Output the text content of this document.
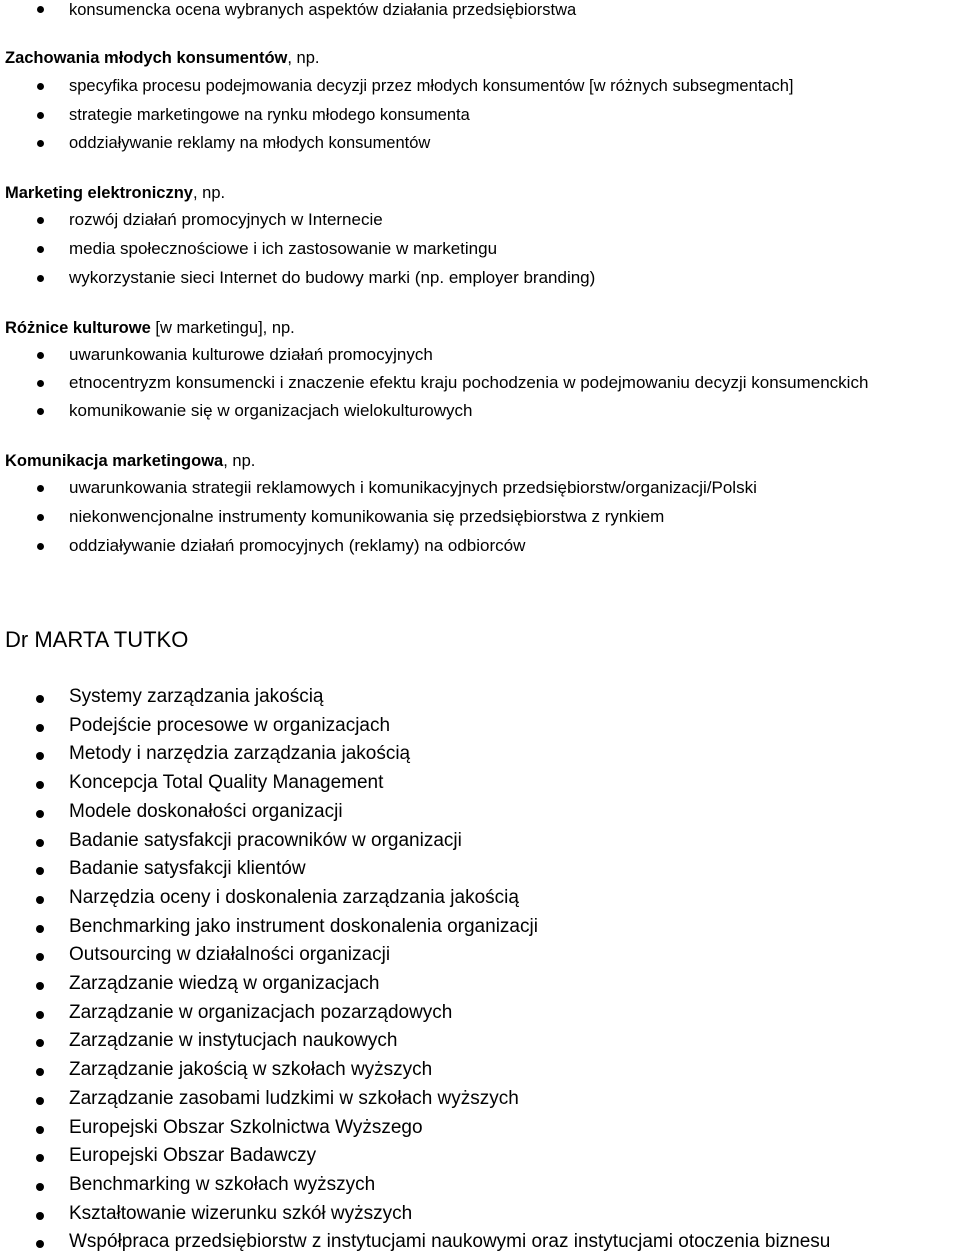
konsumencka ocena wybranych aspektów działania przedsiębiorstwa
Zachowania młodych konsumentów, np.
specyfika procesu podejmowania decyzji przez młodych konsumentów [w różnych subsegmentach]
strategie marketingowe na rynku młodego konsumenta
oddziaływanie reklamy na młodych konsumentów
Marketing elektroniczny, np.
rozwój działań promocyjnych w Internecie
media społecznościowe i ich zastosowanie w marketingu
wykorzystanie sieci Internet do budowy marki (np. employer branding)
Różnice kulturowe [w marketingu], np.
uwarunkowania kulturowe działań promocyjnych
etnocentryzm konsumencki i znaczenie efektu kraju pochodzenia w podejmowaniu decyzji konsumenckich
komunikowanie się w organizacjach wielokulturowych
Komunikacja marketingowa, np.
uwarunkowania strategii reklamowych i komunikacyjnych przedsiębiorstw/organizacji/Polski
niekonwencjonalne instrumenty komunikowania się przedsiębiorstwa z rynkiem
oddziaływanie działań promocyjnych (reklamy) na odbiorców
Dr MARTA TUTKO
Systemy zarządzania jakością
Podejście procesowe w organizacjach
Metody i narzędzia zarządzania jakością
Koncepcja Total Quality Management
Modele doskonałości organizacji
Badanie satysfakcji pracowników w organizacji
Badanie satysfakcji klientów
Narzędzia oceny i doskonalenia zarządzania jakością
Benchmarking jako instrument doskonalenia organizacji
Outsourcing w działalności organizacji
Zarządzanie wiedzą w organizacjach
Zarządzanie w organizacjach pozarządowych
Zarządzanie w instytucjach naukowych
Zarządzanie jakością w szkołach wyższych
Zarządzanie zasobami ludzkimi w szkołach wyższych
Europejski Obszar Szkolnictwa Wyższego
Europejski Obszar Badawczy
Benchmarking w szkołach wyższych
Kształtowanie wizerunku szkół wyższych
Współpraca przedsiębiorstw z instytucjami naukowymi oraz instytucjami otoczenia biznesu
